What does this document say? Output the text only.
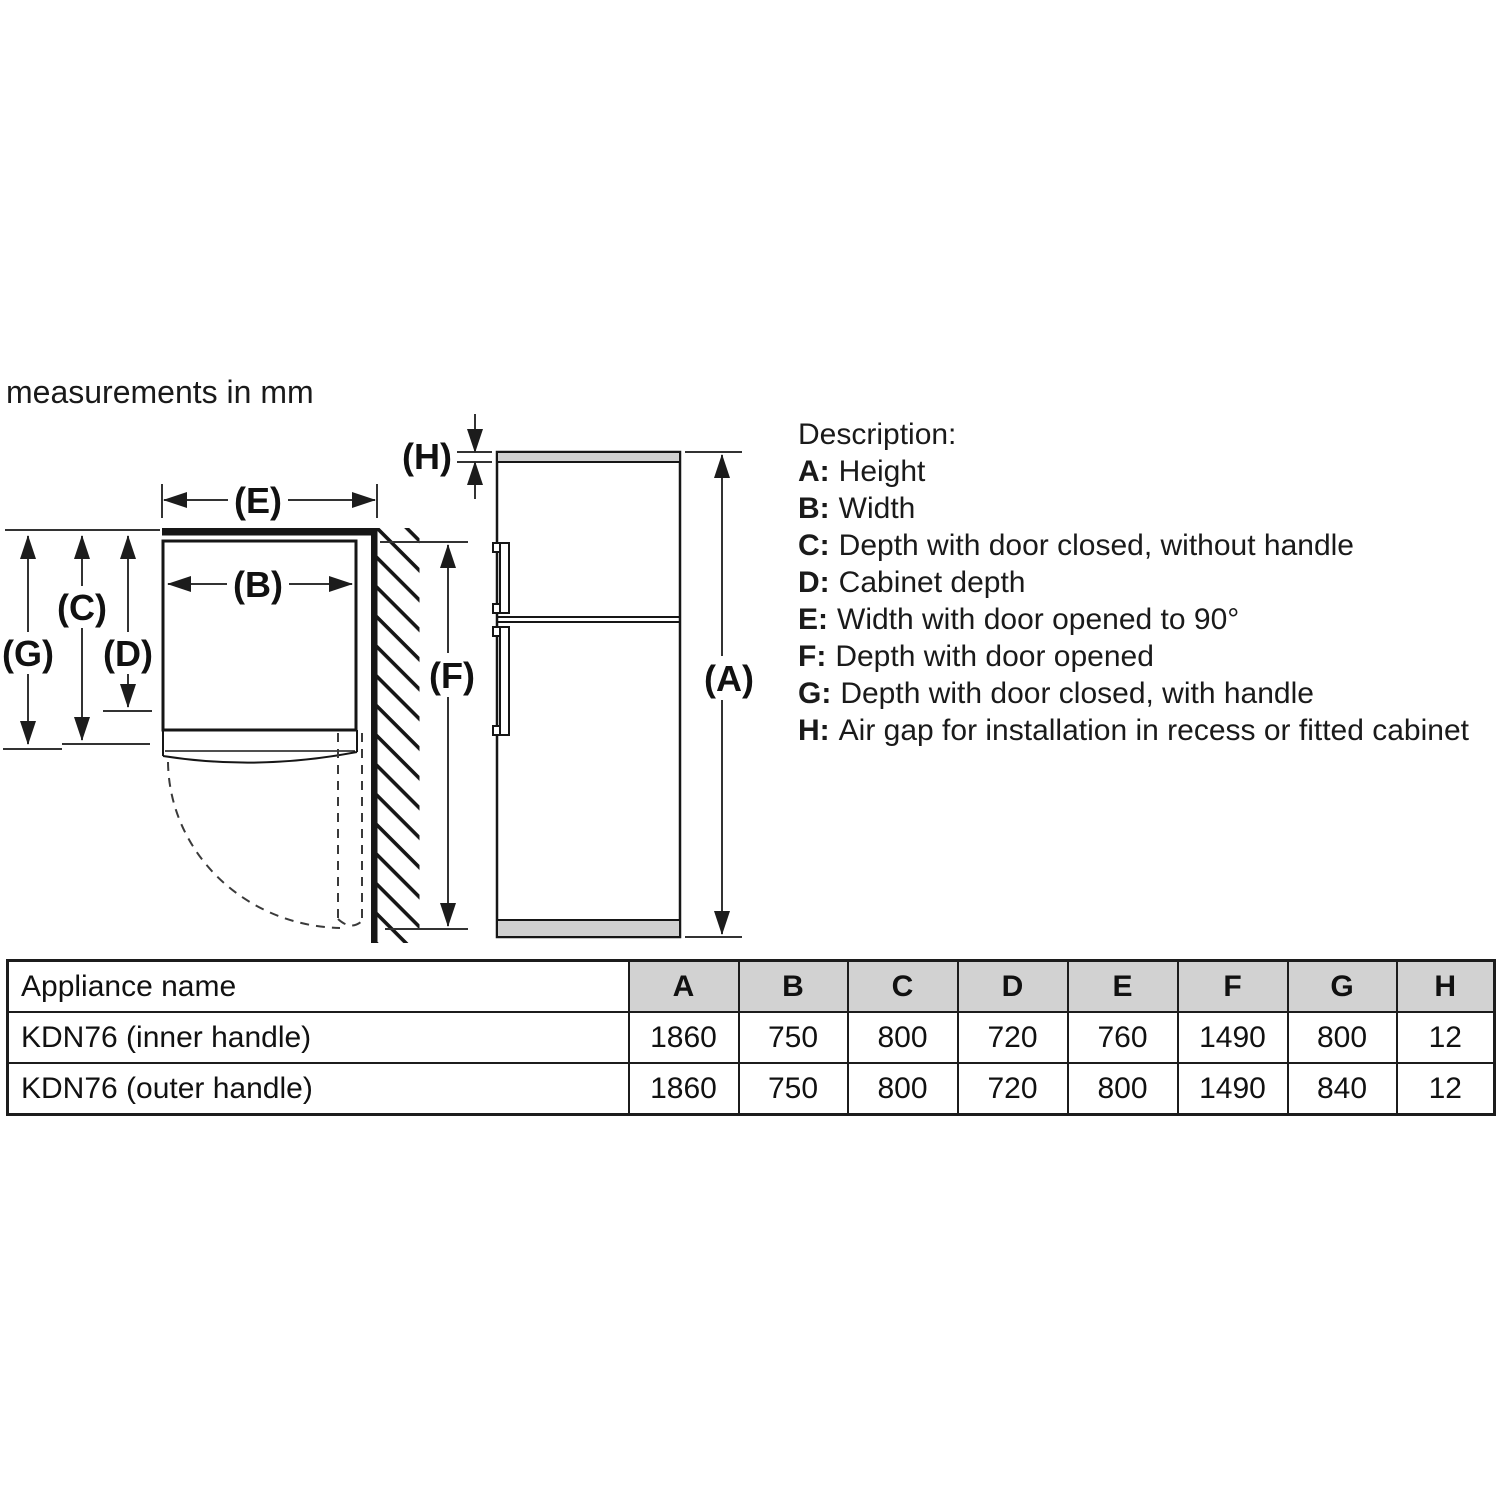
measurements in mm
(E)
(B)
(C)
(G) (D)
(F)	(A)
(H)
Description:
A: Height
B: Width
C: Depth with door closed, without handle
D: Cabinet depth
E: Width with door opened to 90°
F: Depth with door opened
G: Depth with door closed, with handle
H: Air gap for installation in recess or fitted cabinet
Appliance name	A	B	C	D	E	F	G	H
KDN76 (inner handle)	1860	750	800	720	760	1490	800	12
KDN76 (outer handle)	1860	750	800	720	800	1490	840	12
